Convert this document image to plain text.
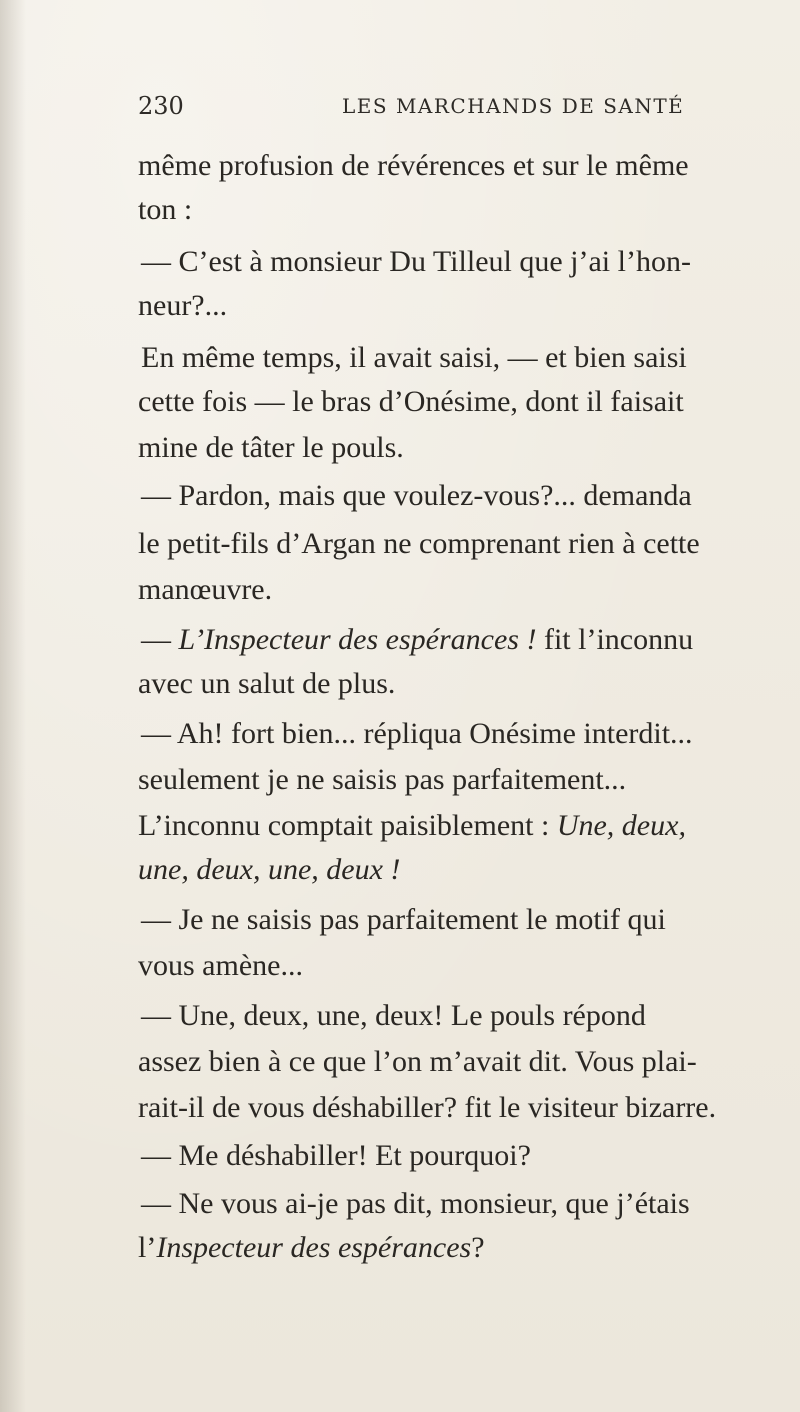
230	LES MARCHANDS DE SANTÉ
même profusion de révérences et sur le même
ton :
— C’est à monsieur Du Tilleul que j’ai l’hon-
neur?...
En même temps, il avait saisi, — et bien saisi
cette fois — le bras d’Onésime, dont il faisait
mine de tâter le pouls.
— Pardon, mais que voulez-vous?... demanda
le petit-fils d’Argan ne comprenant rien à cette
manœuvre.
— L’Inspecteur des espérances ! fit l’inconnu
avec un salut de plus.
— Ah! fort bien... répliqua Onésime interdit...
seulement je ne saisis pas parfaitement...
L’inconnu comptait paisiblement : Une, deux,
une, deux, une, deux !
— Je ne saisis pas parfaitement le motif qui
vous amène...
— Une, deux, une, deux! Le pouls répond
assez bien à ce que l’on m’avait dit. Vous plai-
rait-il de vous déshabiller? fit le visiteur bizarre.
— Me déshabiller! Et pourquoi?
— Ne vous ai-je pas dit, monsieur, que j’étais
l’Inspecteur des espérances?
